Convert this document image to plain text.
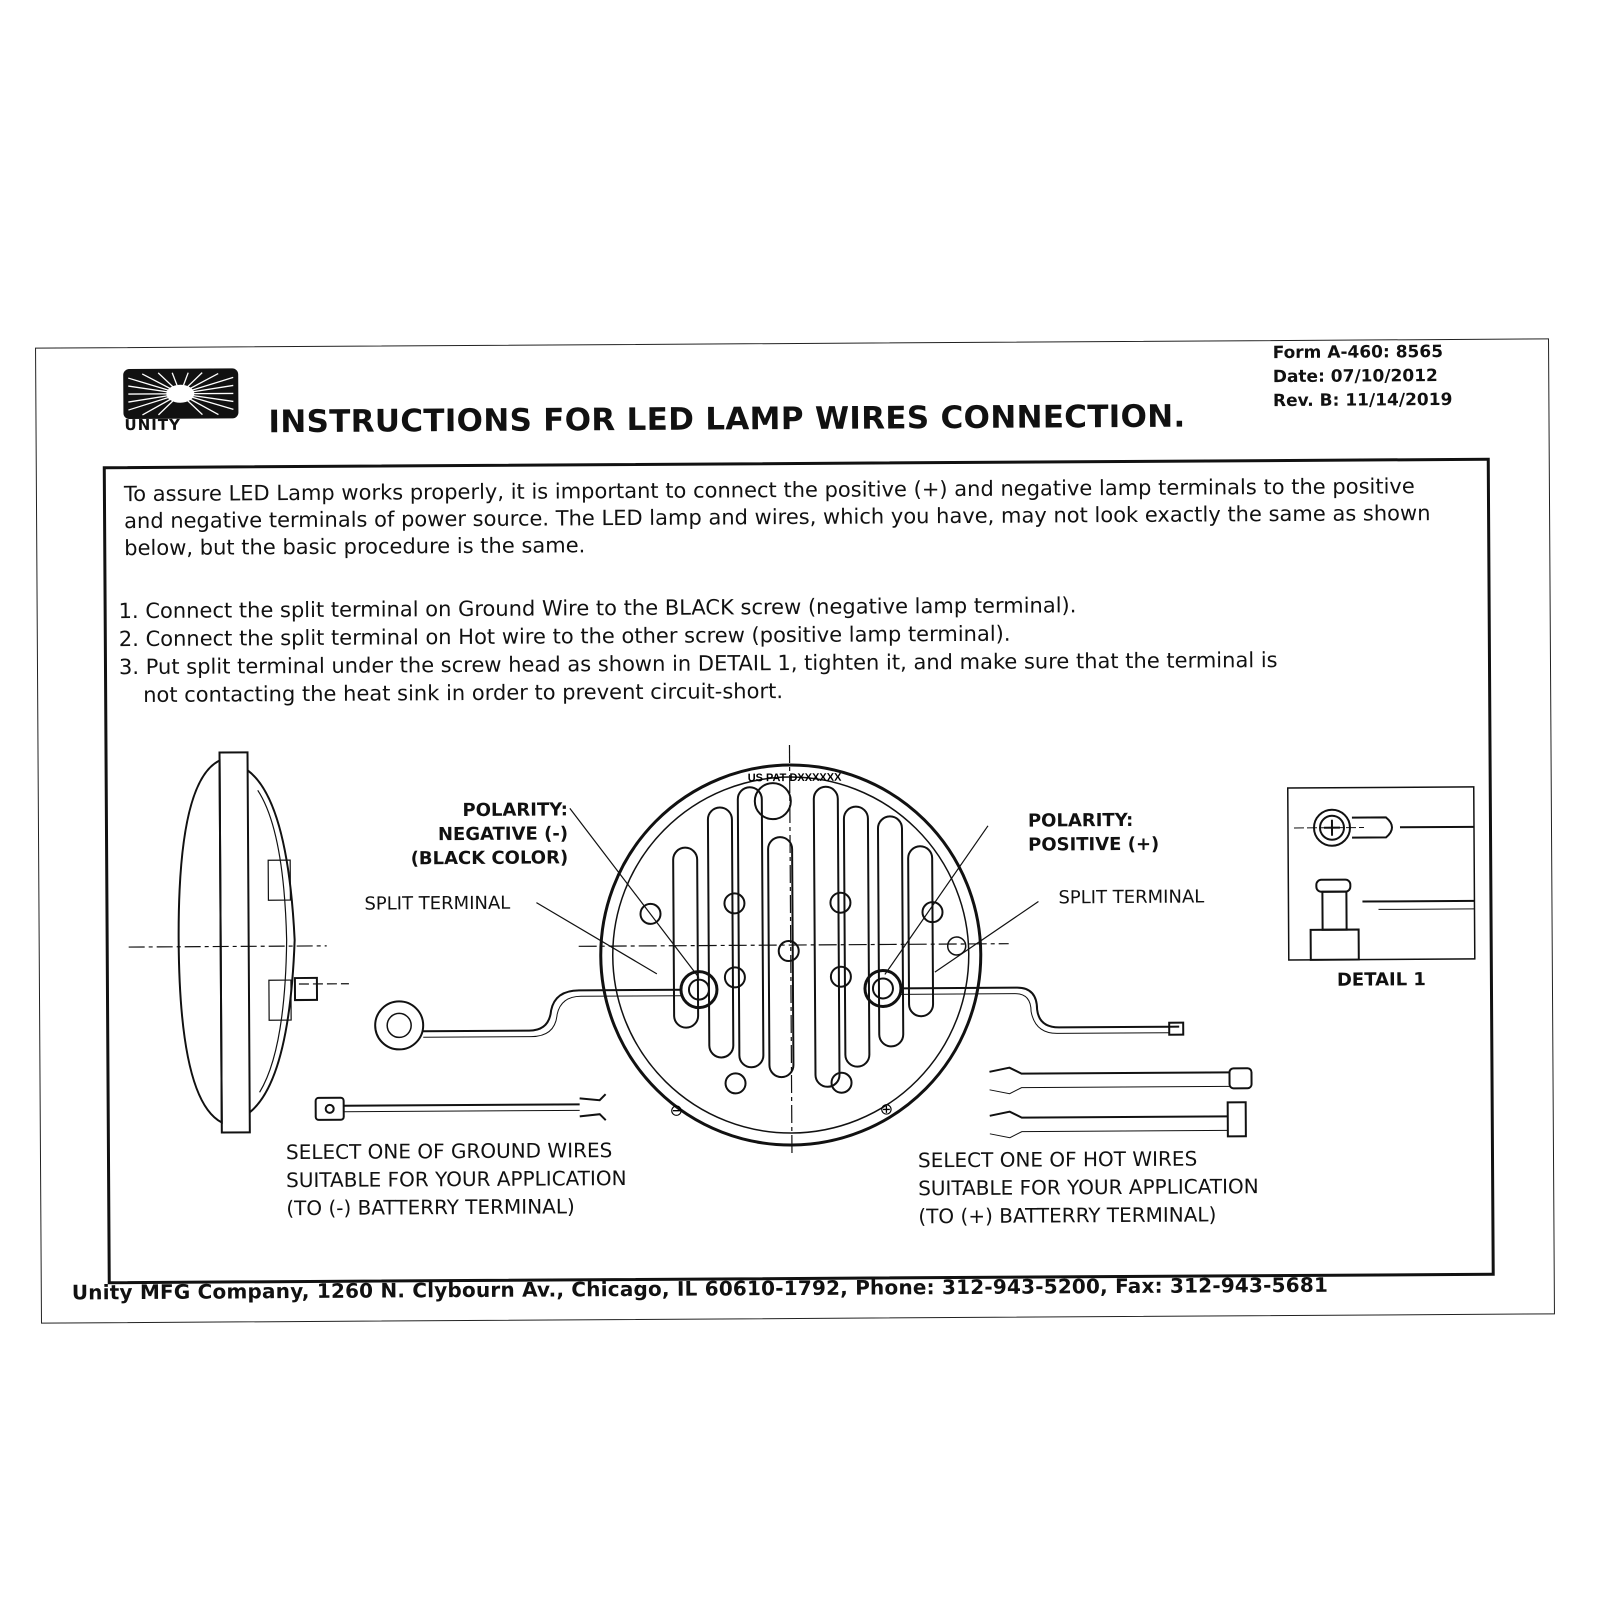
UNITY	INSTRUCTIONS FOR LED LAMP WIRES CONNECTION.
Form A-460: 8565
Date: 07/10/2012
Rev. B: 11/14/2019
To assure LED Lamp works properly, it is important to connect the positive (+) and negative lamp terminals to the positive and negative terminals of power source. The LED lamp and wires, which you have, may not look exactly the same as shown below, but the basic procedure is the same.
1. Connect the split terminal on Ground Wire to the BLACK screw (negative lamp terminal).
2. Connect the split terminal on Hot wire to the other screw (positive lamp terminal).
3. Put split terminal under the screw head as shown in DETAIL 1, tighten it, and make sure that the terminal is
not contacting the heat sink in order to prevent circuit-short.
US PAT DXXXXXX
⊖	⊕
POLARITY:
NEGATIVE (-)
(BLACK COLOR)
SPLIT TERMINAL
POLARITY:
POSITIVE (+)
SPLIT TERMINAL
DETAIL 1
SELECT ONE OF GROUND WIRES
SUITABLE FOR YOUR APPLICATION
(TO (-) BATTERRY TERMINAL)
SELECT ONE OF HOT WIRES
SUITABLE FOR YOUR APPLICATION
(TO (+) BATTERRY TERMINAL)
Unity MFG Company, 1260 N. Clybourn Av., Chicago, IL 60610-1792, Phone: 312-943-5200, Fax: 312-943-5681
